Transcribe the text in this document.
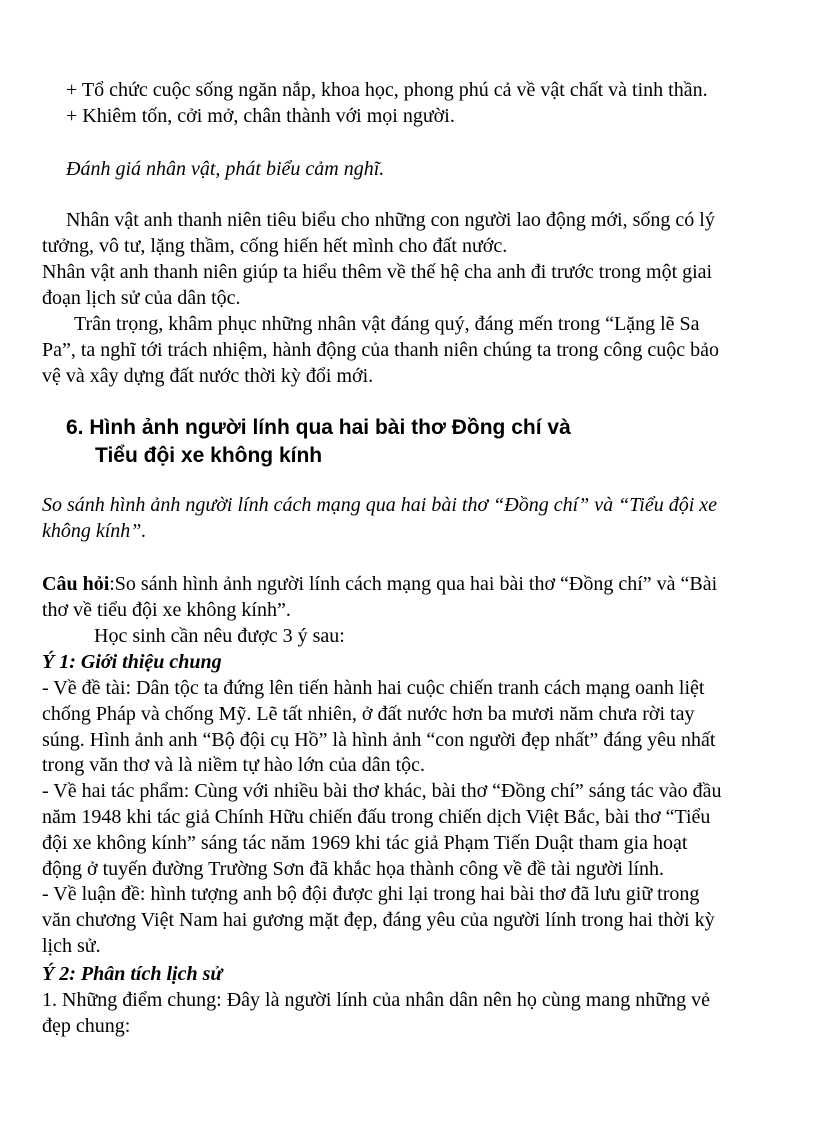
+ Tổ chức cuộc sống ngăn nắp, khoa học, phong phú cả về vật chất và tinh thần.
+ Khiêm tốn, cởi mở, chân thành với mọi người.
Đánh giá nhân vật, phát biểu cảm nghĩ.
Nhân vật anh thanh niên tiêu biểu cho những con người lao động mới, sống có lý
tưởng, vô tư, lặng thầm, cống hiến hết mình cho đất nước.
Nhân vật anh thanh niên giúp ta hiểu thêm về thế hệ cha anh đi trước trong một giai
đoạn lịch sử của dân tộc.
Trân trọng, khâm phục những nhân vật đáng quý, đáng mến trong “Lặng lẽ Sa
Pa”, ta nghĩ tới trách nhiệm, hành động của thanh niên chúng ta trong công cuộc bảo
vệ và xây dựng đất nước thời kỳ đổi mới.
6. Hình ảnh người lính qua hai bài thơ Đồng chí và
Tiểu đội xe không kính
So sánh hình ảnh người lính cách mạng qua hai bài thơ “Đồng chí” và “Tiểu đội xe
không kính”.
Câu hỏi:So sánh hình ảnh người lính cách mạng qua hai bài thơ “Đồng chí” và “Bài
thơ về tiểu đội xe không kính”.
Học sinh cần nêu được 3 ý sau:
Ý 1: Giới thiệu chung
- Về đề tài: Dân tộc ta đứng lên tiến hành hai cuộc chiến tranh cách mạng oanh liệt
chống Pháp và chống Mỹ. Lẽ tất nhiên, ở đất nước hơn ba mươi năm chưa rời tay
súng. Hình ảnh anh “Bộ đội cụ Hồ” là hình ảnh “con người đẹp nhất” đáng yêu nhất
trong văn thơ và là niềm tự hào lớn của dân tộc.
- Về hai tác phẩm: Cùng với nhiều bài thơ khác, bài thơ “Đồng chí” sáng tác vào đầu
năm 1948 khi tác giả Chính Hữu chiến đấu trong chiến dịch Việt Bắc, bài thơ “Tiểu
đội xe không kính” sáng tác năm 1969 khi tác giả Phạm Tiến Duật tham gia hoạt
động ở tuyến đường Trường Sơn đã khắc họa thành công về đề tài người lính.
- Về luận đề: hình tượng anh bộ đội được ghi lại trong hai bài thơ đã lưu giữ trong
văn chương Việt Nam hai gương mặt đẹp, đáng yêu của người lính trong hai thời kỳ
lịch sử.
Ý 2: Phân tích lịch sử
1. Những điểm chung: Đây là người lính của nhân dân nên họ cùng mang những vẻ
đẹp chung:
